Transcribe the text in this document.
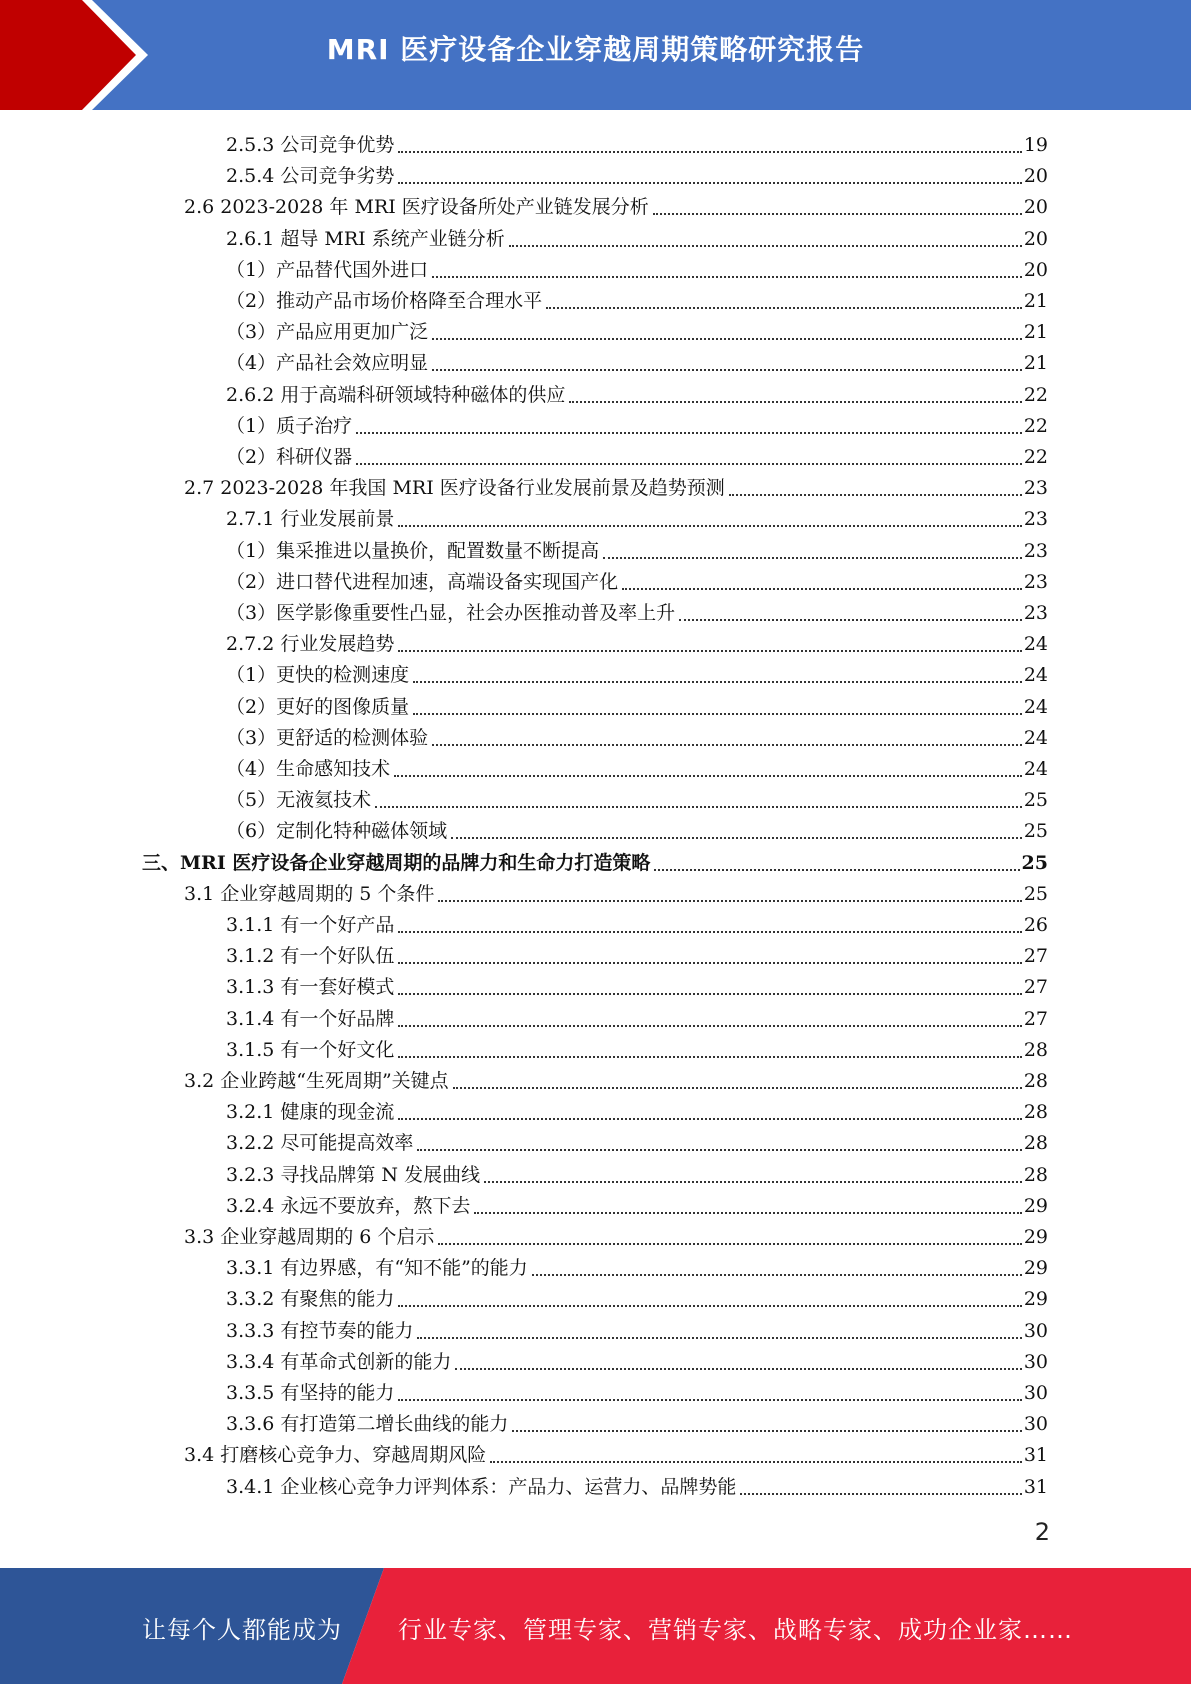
MRI 医疗设备企业穿越周期策略研究报告
2.5.3 公司竞争优势	19
2.5.4 公司竞争劣势	20
2.6 2023-2028 年 MRI 医疗设备所处产业链发展分析	20
2.6.1 超导 MRI 系统产业链分析	20
（1）产品替代国外进口	20
（2）推动产品市场价格降至合理水平	21
（3）产品应用更加广泛	21
（4）产品社会效应明显	21
2.6.2 用于高端科研领域特种磁体的供应	22
（1）质子治疗	22
（2）科研仪器	22
2.7 2023-2028 年我国 MRI 医疗设备行业发展前景及趋势预测	23
2.7.1 行业发展前景	23
（1）集采推进以量换价，配置数量不断提高	23
（2）进口替代进程加速，高端设备实现国产化	23
（3）医学影像重要性凸显，社会办医推动普及率上升	23
2.7.2 行业发展趋势	24
（1）更快的检测速度	24
（2）更好的图像质量	24
（3）更舒适的检测体验	24
（4）生命感知技术	24
（5）无液氦技术	25
（6）定制化特种磁体领域	25
三、MRI 医疗设备企业穿越周期的品牌力和生命力打造策略	25
3.1 企业穿越周期的 5 个条件	25
3.1.1 有一个好产品	26
3.1.2 有一个好队伍	27
3.1.3 有一套好模式	27
3.1.4 有一个好品牌	27
3.1.5 有一个好文化	28
3.2 企业跨越“生死周期”关键点	28
3.2.1 健康的现金流	28
3.2.2 尽可能提高效率	28
3.2.3 寻找品牌第 N 发展曲线	28
3.2.4 永远不要放弃，熬下去	29
3.3 企业穿越周期的 6 个启示	29
3.3.1 有边界感，有“知不能”的能力	29
3.3.2 有聚焦的能力	29
3.3.3 有控节奏的能力	30
3.3.4 有革命式创新的能力	30
3.3.5 有坚持的能力	30
3.3.6 有打造第二增长曲线的能力	30
3.4 打磨核心竞争力、穿越周期风险	31
3.4.1 企业核心竞争力评判体系：产品力、运营力、品牌势能	31
2
让每个人都能成为 行业专家、管理专家、营销专家、战略专家、成功企业家……
